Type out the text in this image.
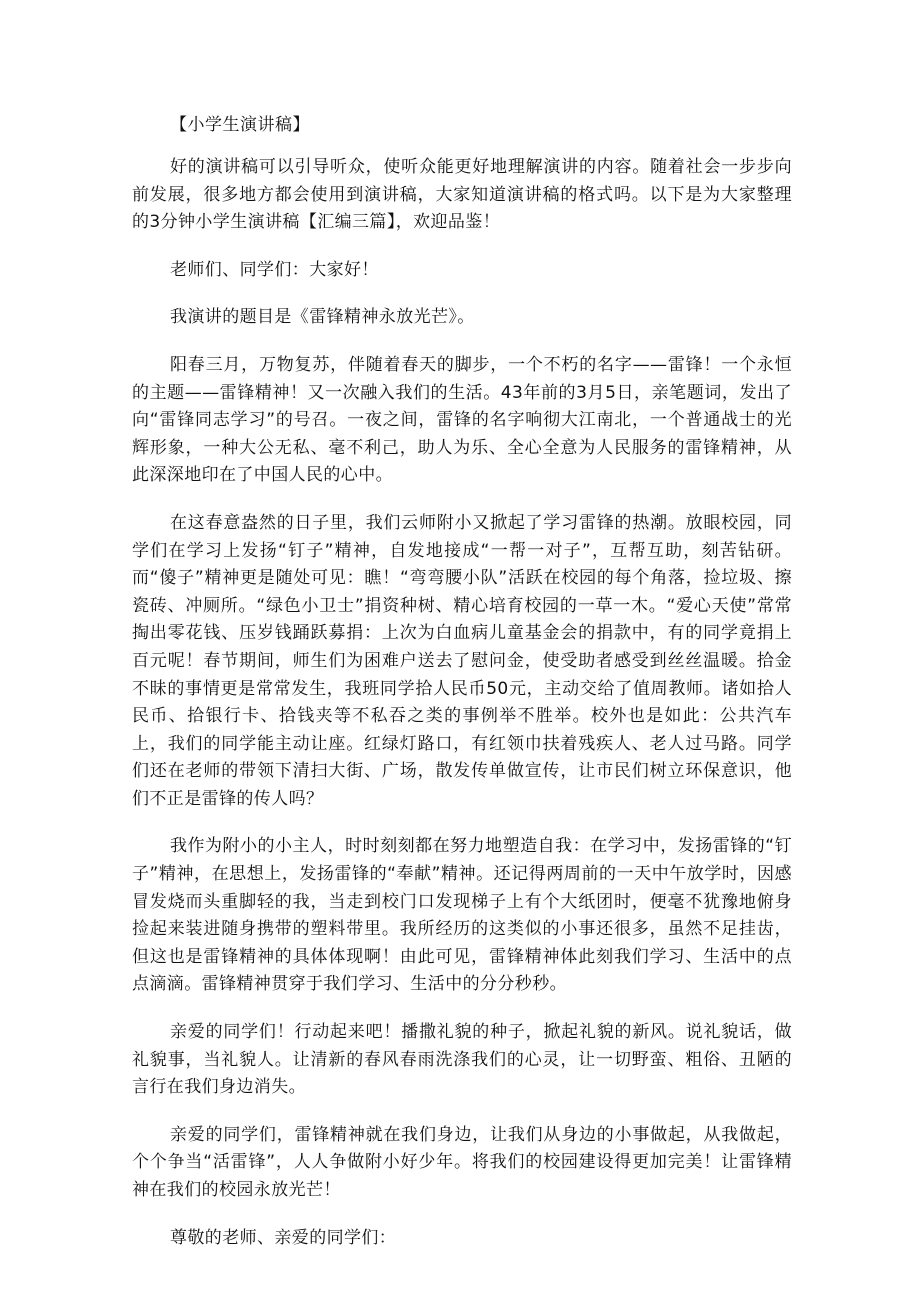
【小学生演讲稿】

好的演讲稿可以引导听众，使听众能更好地理解演讲的内容。随着社会一步步向前发展，很多地方都会使用到演讲稿，大家知道演讲稿的格式吗。以下是为大家整理的3分钟小学生演讲稿【汇编三篇】，欢迎品鉴！

老师们、同学们：大家好！

我演讲的题目是《雷锋精神永放光芒》。

阳春三月，万物复苏，伴随着春天的脚步，一个不朽的名字——雷锋！一个永恒的主题——雷锋精神！又一次融入我们的生活。43年前的3月5日，亲笔题词，发出了向“雷锋同志学习”的号召。一夜之间，雷锋的名字响彻大江南北，一个普通战士的光辉形象，一种大公无私、毫不利己，助人为乐、全心全意为人民服务的雷锋精神，从此深深地印在了中国人民的心中。

在这春意盎然的日子里，我们云师附小又掀起了学习雷锋的热潮。放眼校园，同学们在学习上发扬“钉子”精神，自发地接成“一帮一对子”，互帮互助，刻苦钻研。而“傻子”精神更是随处可见：瞧！“弯弯腰小队”活跃在校园的每个角落，捡垃圾、擦瓷砖、冲厕所。“绿色小卫士”捐资种树、精心培育校园的一草一木。“爱心天使”常常掏出零花钱、压岁钱踊跃募捐：上次为白血病儿童基金会的捐款中，有的同学竟捐上百元呢！春节期间，师生们为困难户送去了慰问金，使受助者感受到丝丝温暖。拾金不昧的事情更是常常发生，我班同学拾人民币50元，主动交给了值周教师。诸如拾人民币、拾银行卡、拾钱夹等不私吞之类的事例举不胜举。校外也是如此：公共汽车上，我们的同学能主动让座。红绿灯路口，有红领巾扶着残疾人、老人过马路。同学们还在老师的带领下清扫大街、广场，散发传单做宣传，让市民们树立环保意识，他们不正是雷锋的传人吗？

我作为附小的小主人，时时刻刻都在努力地塑造自我：在学习中，发扬雷锋的“钉子”精神，在思想上，发扬雷锋的“奉献”精神。还记得两周前的一天中午放学时，因感冒发烧而头重脚轻的我，当走到校门口发现梯子上有个大纸团时，便毫不犹豫地俯身捡起来装进随身携带的塑料带里。我所经历的这类似的小事还很多，虽然不足挂齿，但这也是雷锋精神的具体体现啊！由此可见，雷锋精神体此刻我们学习、生活中的点点滴滴。雷锋精神贯穿于我们学习、生活中的分分秒秒。

亲爱的同学们！行动起来吧！播撒礼貌的种子，掀起礼貌的新风。说礼貌话，做礼貌事，当礼貌人。让清新的春风春雨洗涤我们的心灵，让一切野蛮、粗俗、丑陋的言行在我们身边消失。

亲爱的同学们，雷锋精神就在我们身边，让我们从身边的小事做起，从我做起，个个争当“活雷锋”，人人争做附小好少年。将我们的校园建设得更加完美！让雷锋精神在我们的校园永放光芒！

尊敬的老师、亲爱的同学们：
